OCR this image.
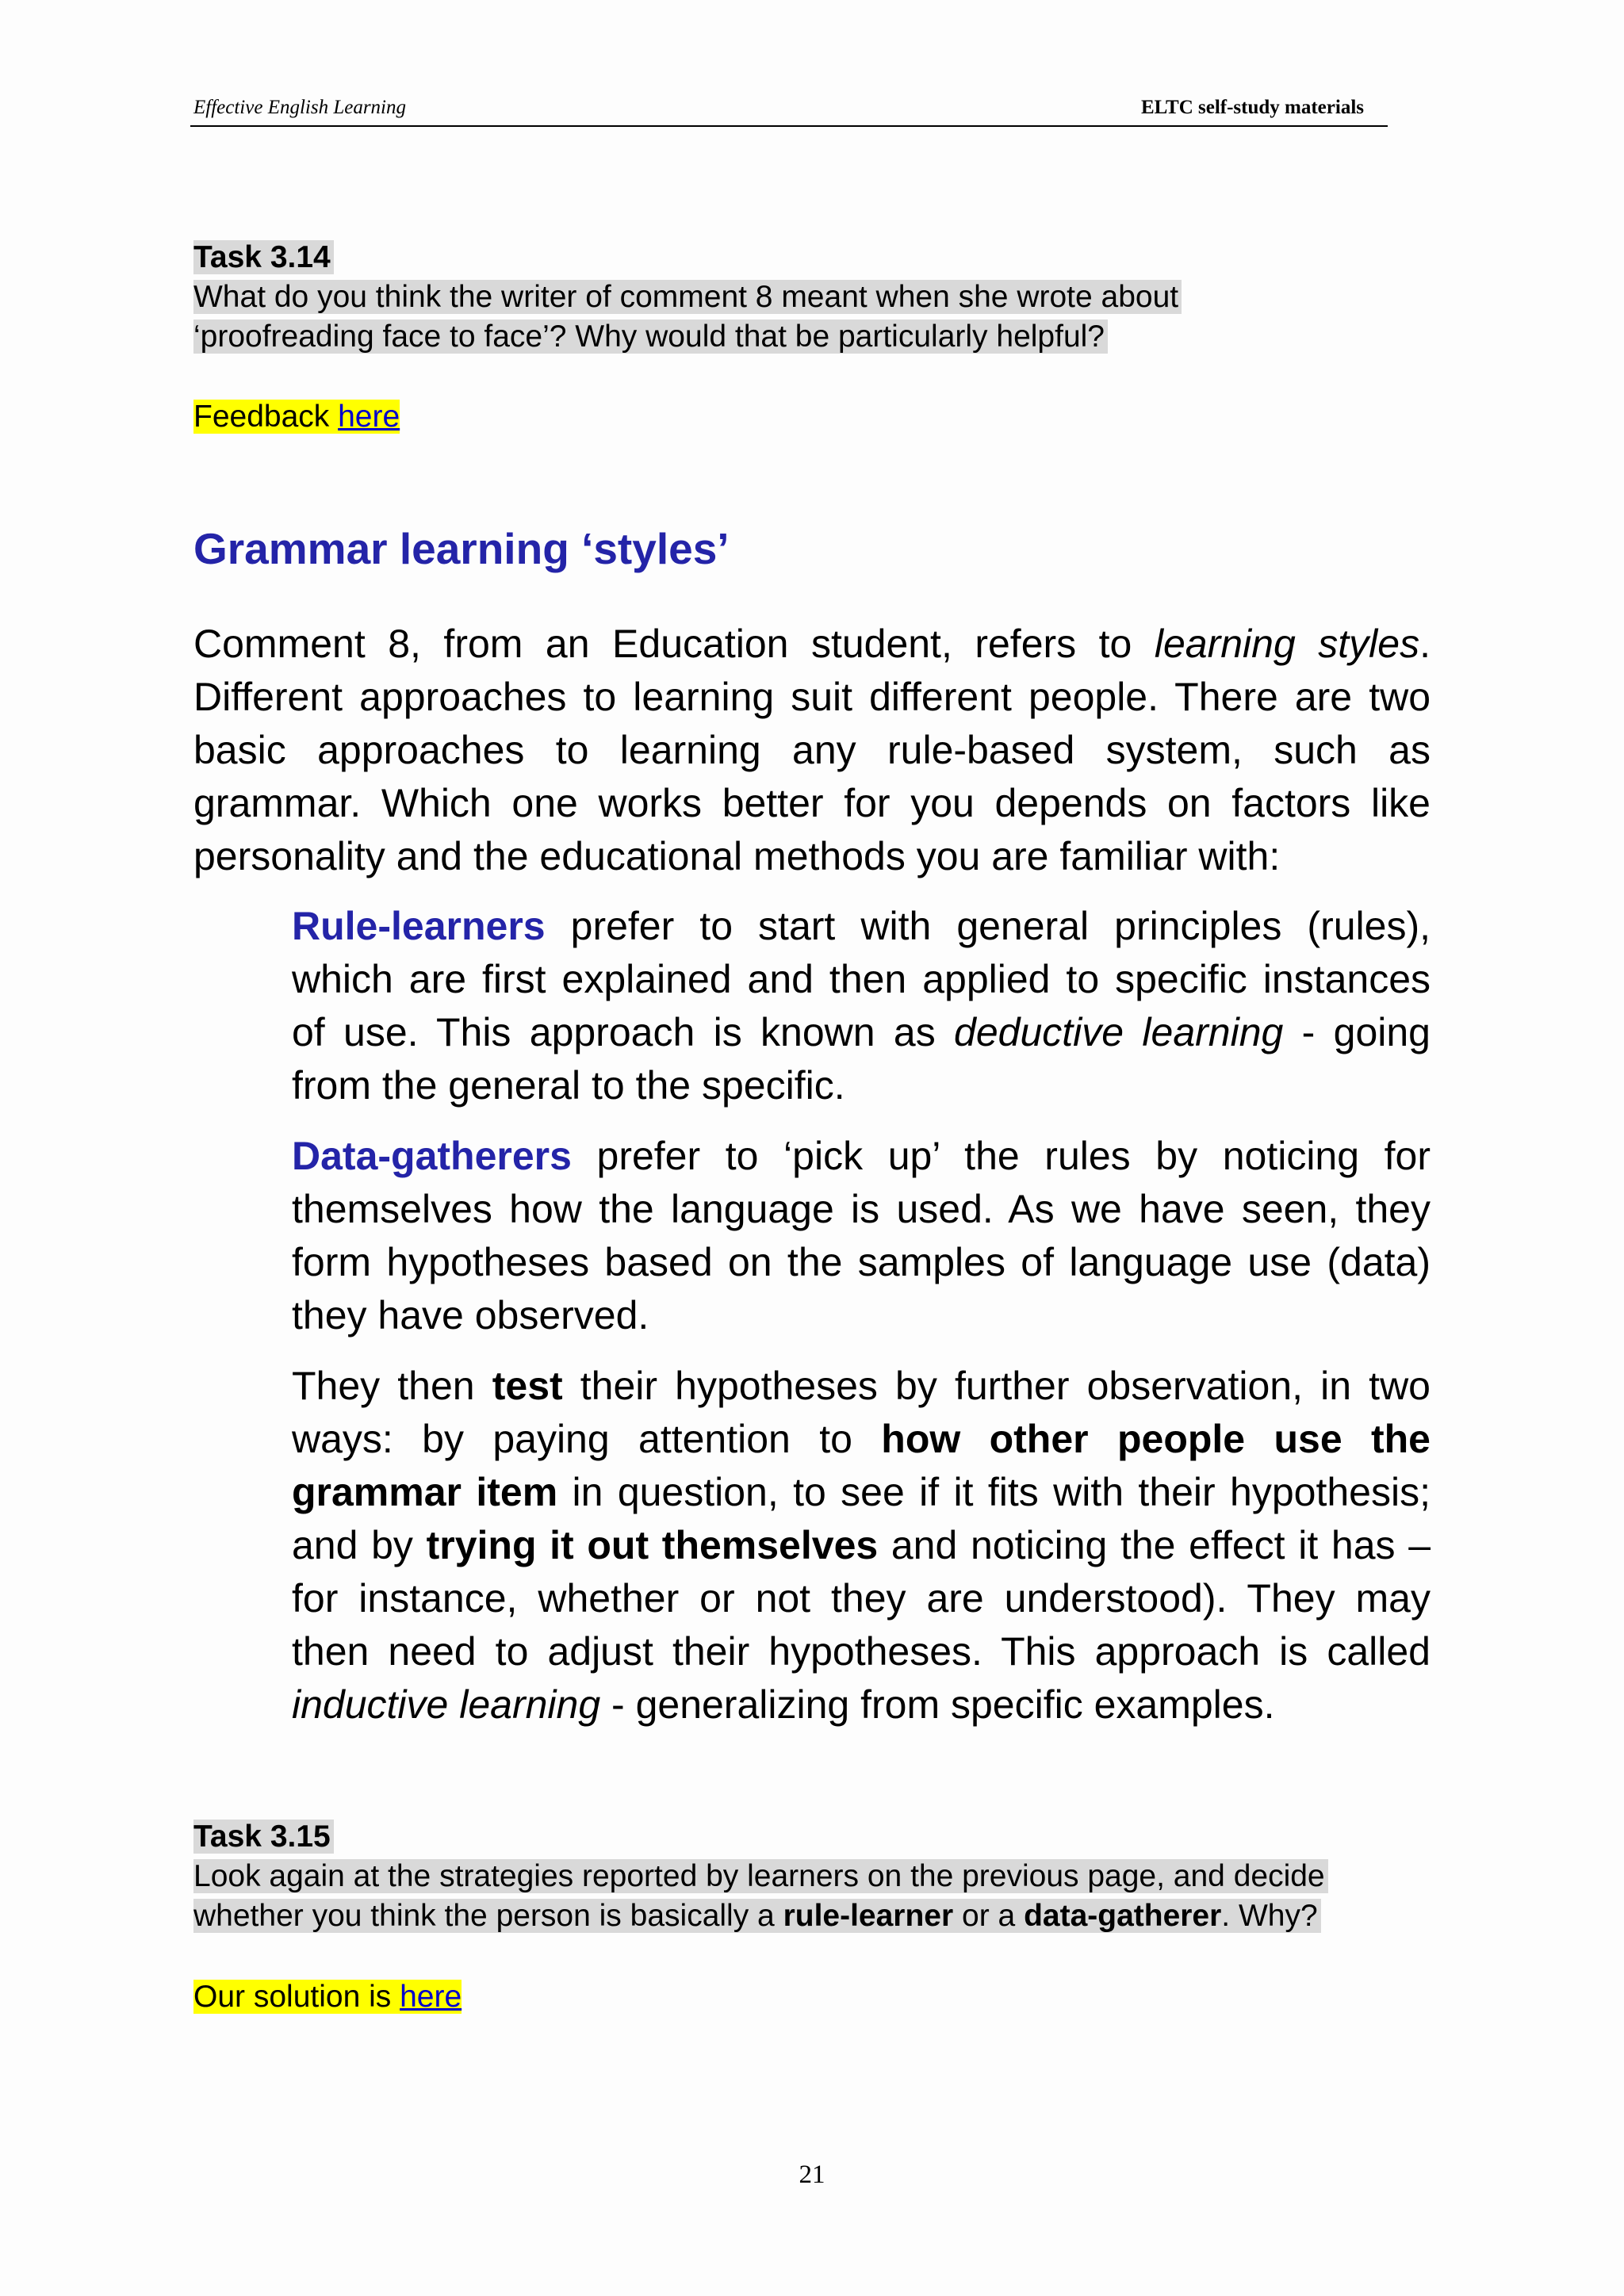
Effective English Learning	ELTC self-study materials
Task 3.14
What do you think the writer of comment 8 meant when she wrote about
‘proofreading face to face’? Why would that be particularly helpful?
Feedback here
Grammar learning ‘styles’
Comment 8, from an Education student, refers to learning styles. Different approaches to learning suit different people. There are two basic approaches to learning any rule-based system, such as grammar. Which one works better for you depends on factors like personality and the educational methods you are familiar with:
Rule-learners prefer to start with general principles (rules), which are first explained and then applied to specific instances of use. This approach is known as deductive learning - going from the general to the specific.
Data-gatherers prefer to ‘pick up’ the rules by noticing for themselves how the language is used. As we have seen, they form hypotheses based on the samples of language use (data) they have observed.
They then test their hypotheses by further observation, in two ways: by paying attention to how other people use the grammar item in question, to see if it fits with their hypothesis; and by trying it out themselves and noticing the effect it has – for instance, whether or not they are understood). They may then need to adjust their hypotheses. This approach is called inductive learning - generalizing from specific examples.
Task 3.15
Look again at the strategies reported by learners on the previous page, and decide
whether you think the person is basically a rule-learner or a data-gatherer. Why?
Our solution is here
21
